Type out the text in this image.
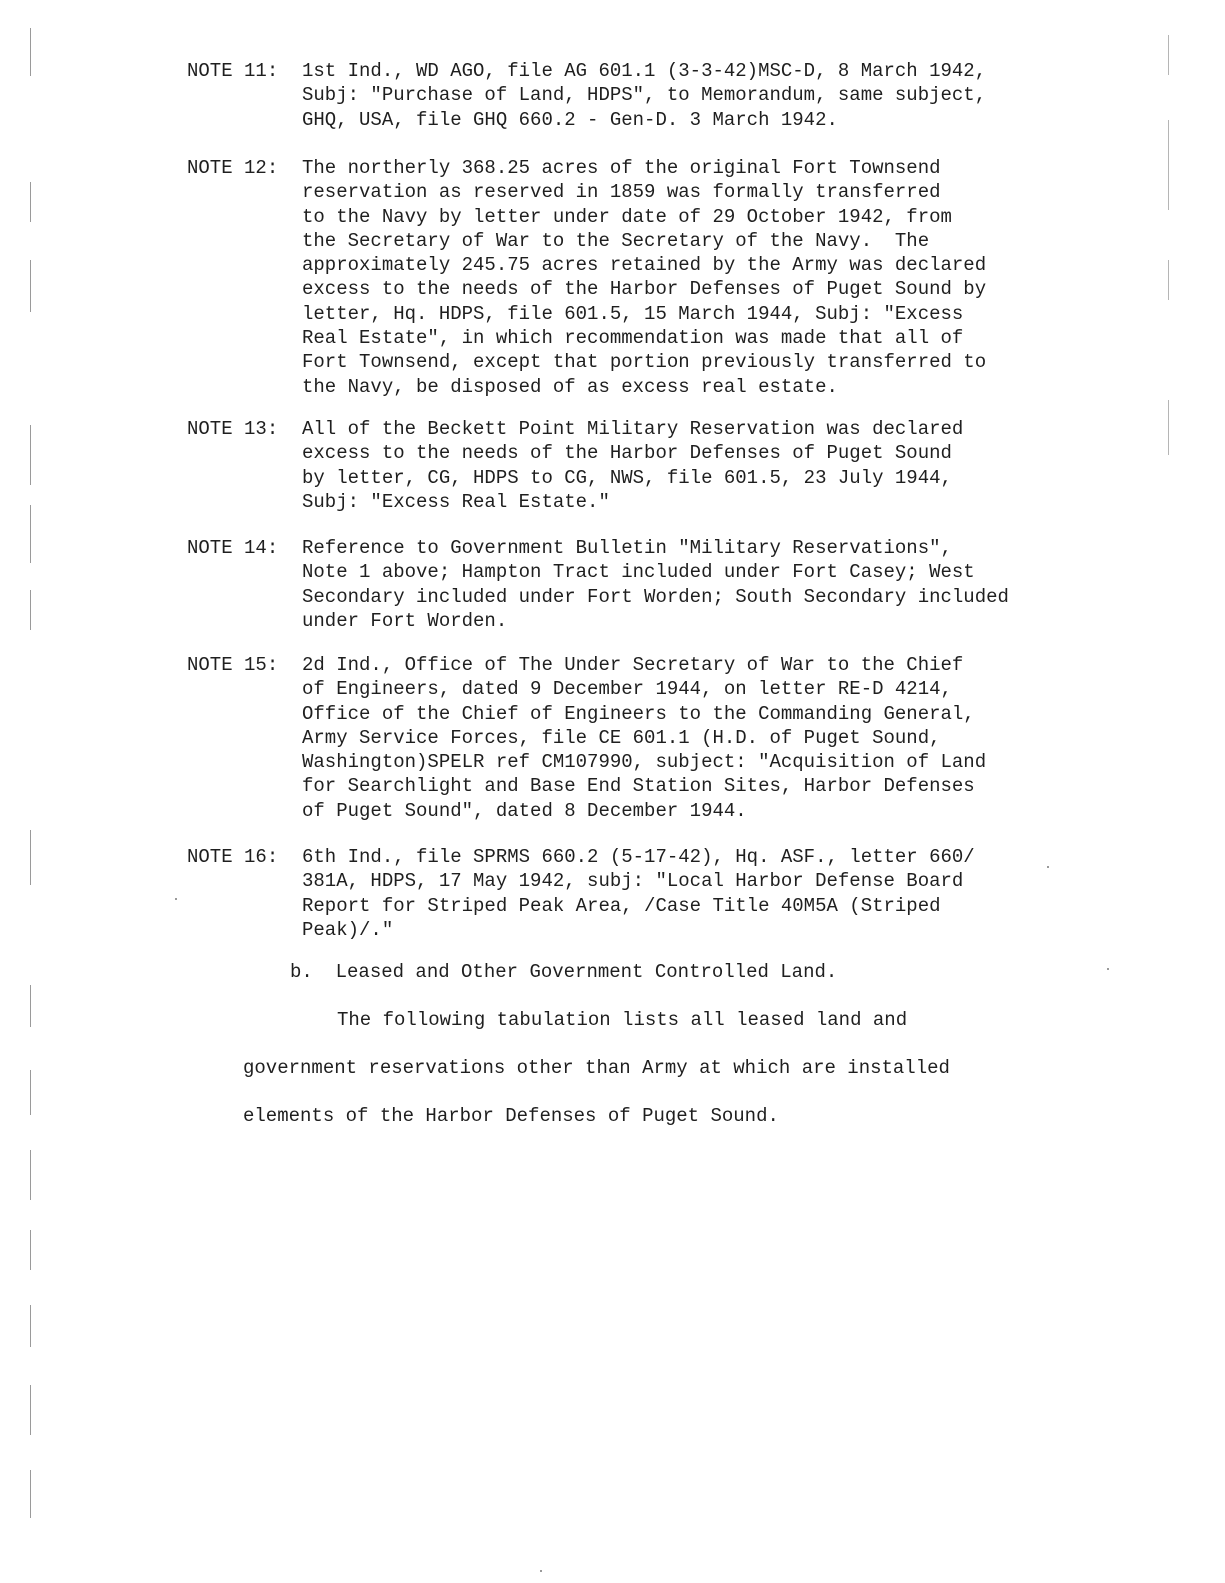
NOTE 11:	1st Ind., WD AGO, file AG 601.1 (3-3-42)MSC-D, 8 March 1942,
Subj: "Purchase of Land, HDPS", to Memorandum, same subject,
GHQ, USA, file GHQ 660.2 - Gen-D. 3 March 1942.
NOTE 12:	The northerly 368.25 acres of the original Fort Townsend
reservation as reserved in 1859 was formally transferred
to the Navy by letter under date of 29 October 1942, from
the Secretary of War to the Secretary of the Navy.  The
approximately 245.75 acres retained by the Army was declared
excess to the needs of the Harbor Defenses of Puget Sound by
letter, Hq. HDPS, file 601.5, 15 March 1944, Subj: "Excess
Real Estate", in which recommendation was made that all of
Fort Townsend, except that portion previously transferred to
the Navy, be disposed of as excess real estate.
NOTE 13:	All of the Beckett Point Military Reservation was declared
excess to the needs of the Harbor Defenses of Puget Sound
by letter, CG, HDPS to CG, NWS, file 601.5, 23 July 1944,
Subj: "Excess Real Estate."
NOTE 14:	Reference to Government Bulletin "Military Reservations",
Note 1 above; Hampton Tract included under Fort Casey; West
Secondary included under Fort Worden; South Secondary included
under Fort Worden.
NOTE 15:	2d Ind., Office of The Under Secretary of War to the Chief
of Engineers, dated 9 December 1944, on letter RE-D 4214,
Office of the Chief of Engineers to the Commanding General,
Army Service Forces, file CE 601.1 (H.D. of Puget Sound,
Washington)SPELR ref CM107990, subject: "Acquisition of Land
for Searchlight and Base End Station Sites, Harbor Defenses
of Puget Sound", dated 8 December 1944.
NOTE 16:	6th Ind., file SPRMS 660.2 (5-17-42), Hq. ASF., letter 660/
381A, HDPS, 17 May 1942, subj: "Local Harbor Defense Board
Report for Striped Peak Area, /Case Title 40M5A (Striped
Peak)/."
b.  Leased and Other Government Controlled Land.
The following tabulation lists all leased land and
government reservations other than Army at which are installed
elements of the Harbor Defenses of Puget Sound.
